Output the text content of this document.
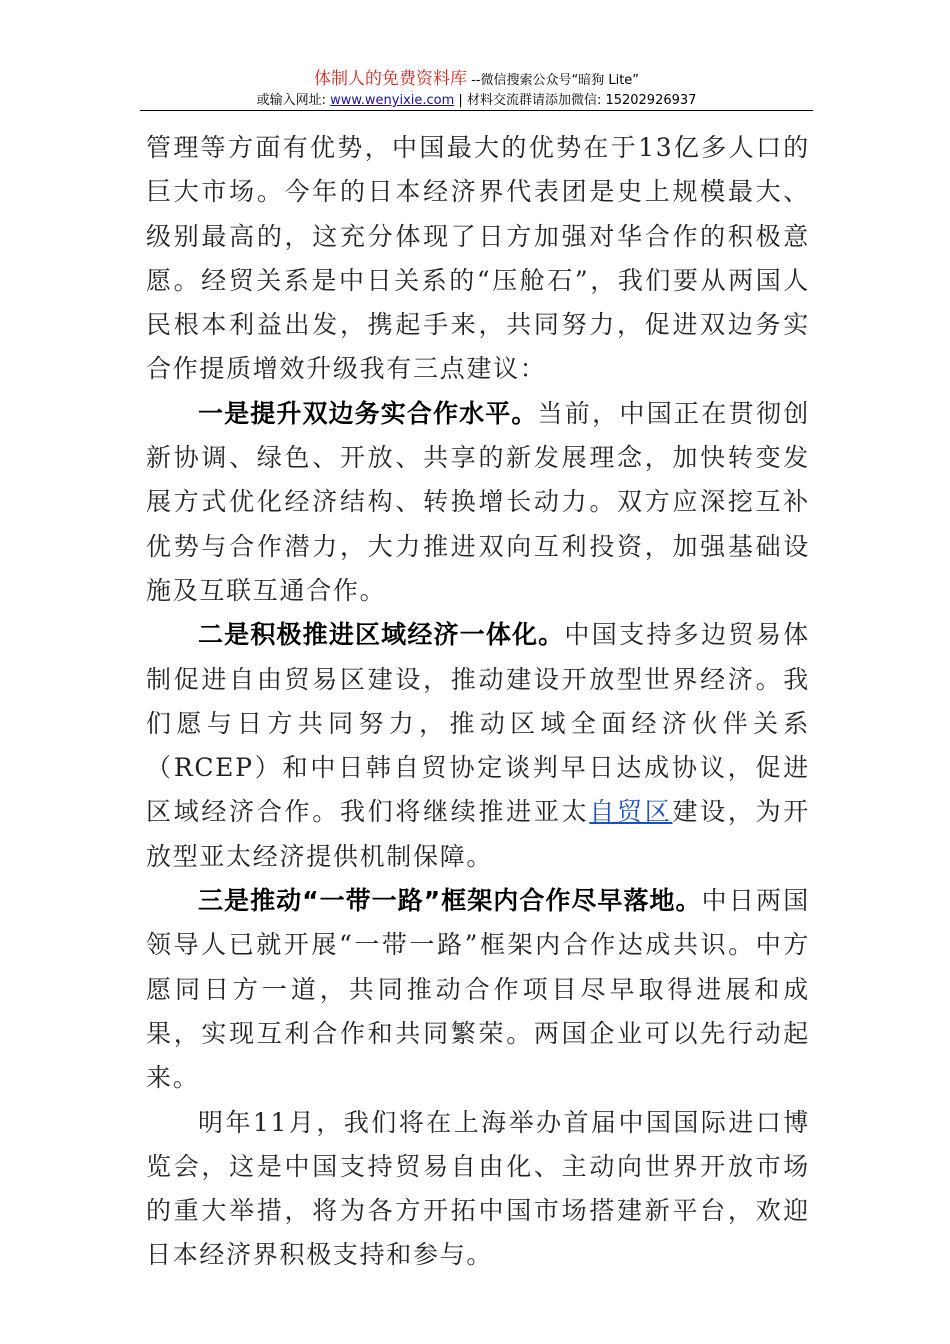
体制人的免费资料库 --微信搜索公众号“暗狗 Lite”
或输入网址: www.wenyixie.com | 材料交流群请添加微信: 15202926937

管理等方面有优势，中国最大的优势在于13亿多人口的巨大市场。今年的日本经济界代表团是史上规模最大、级别最高的，这充分体现了日方加强对华合作的积极意愿。经贸关系是中日关系的“压舱石”，我们要从两国人民根本利益出发，携起手来，共同努力，促进双边务实合作提质增效升级我有三点建议：

一是提升双边务实合作水平。当前，中国正在贯彻创新协调、绿色、开放、共享的新发展理念，加快转变发展方式优化经济结构、转换增长动力。双方应深挖互补优势与合作潜力，大力推进双向互利投资，加强基础设施及互联互通合作。

二是积极推进区域经济一体化。中国支持多边贸易体制促进自由贸易区建设，推动建设开放型世界经济。我们愿与日方共同努力，推动区域全面经济伙伴关系（RCEP）和中日韩自贸协定谈判早日达成协议，促进区域经济合作。我们将继续推进亚太自贸区建设，为开放型亚太经济提供机制保障。

三是推动“一带一路”框架内合作尽早落地。中日两国领导人已就开展“一带一路”框架内合作达成共识。中方愿同日方一道，共同推动合作项目尽早取得进展和成果，实现互利合作和共同繁荣。两国企业可以先行动起来。

明年11月，我们将在上海举办首届中国国际进口博览会，这是中国支持贸易自由化、主动向世界开放市场的重大举措，将为各方开拓中国市场搭建新平台，欢迎日本经济界积极支持和参与。
